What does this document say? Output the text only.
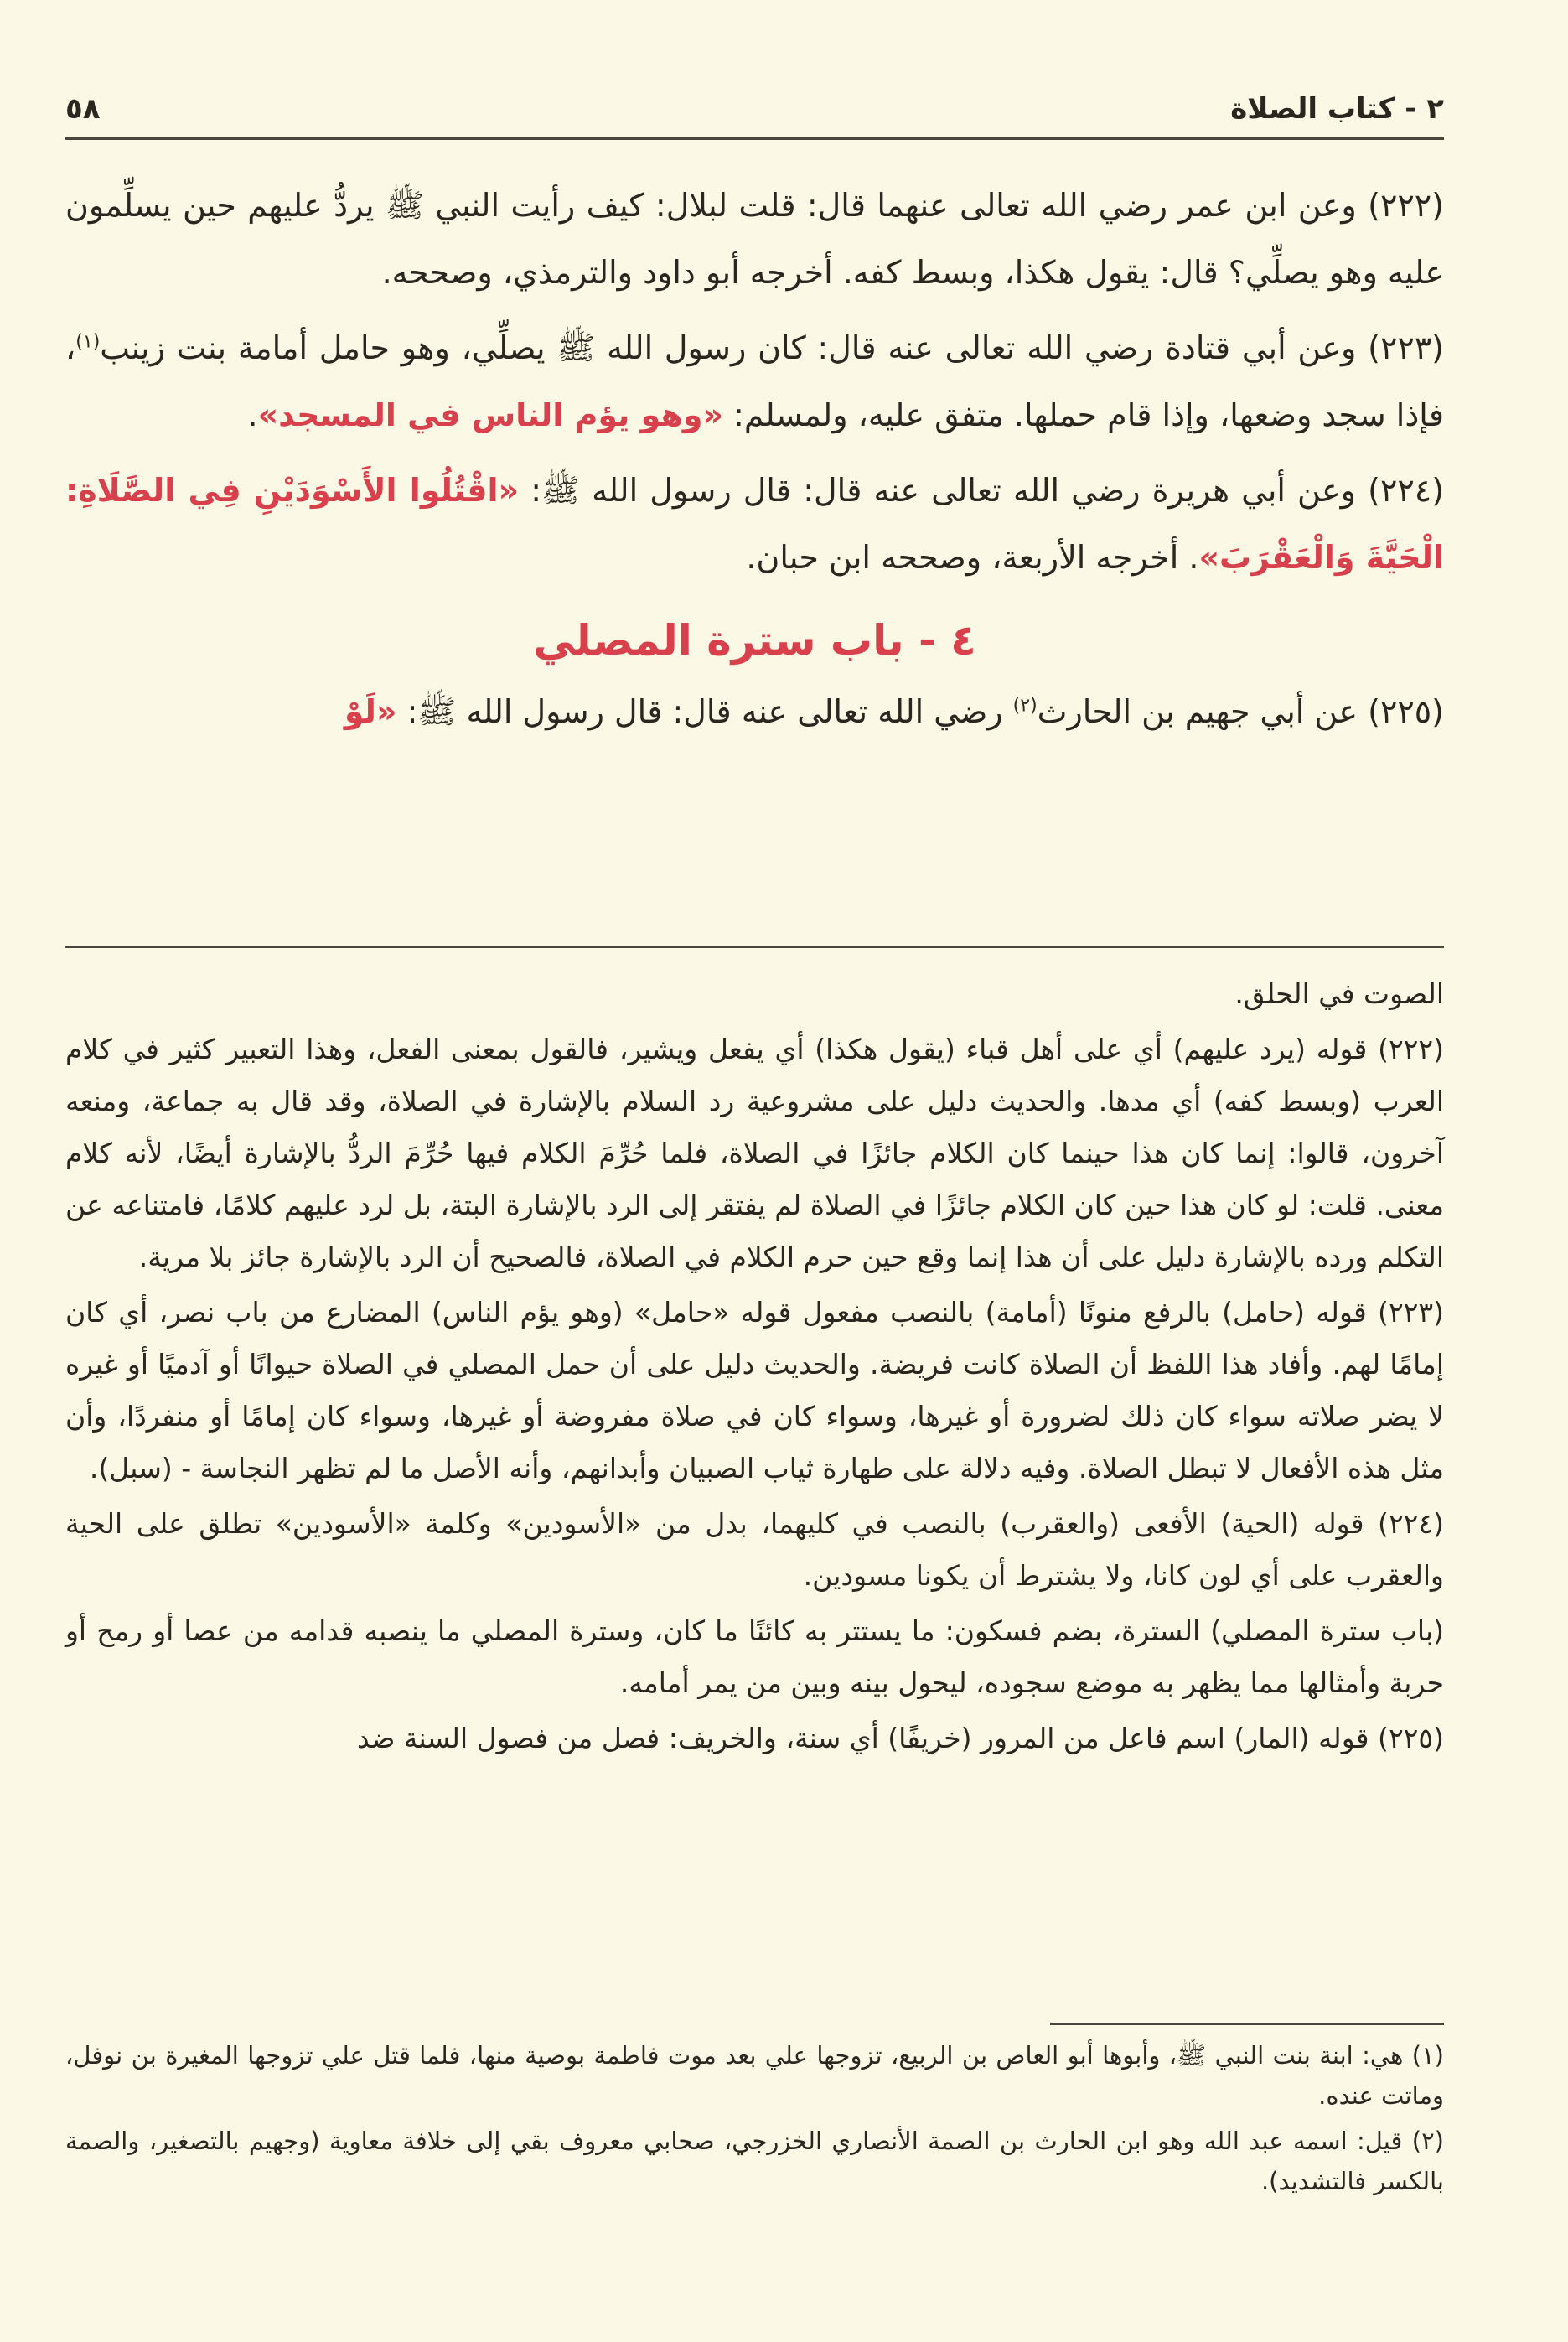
٢ - كتاب الصلاة
٥٨

(٢٢٢) وعن ابن عمر رضي الله تعالى عنهما قال: قلت لبلال: كيف رأيت النبي ﷺ يردُّ عليهم حين يسلِّمون عليه وهو يصلِّي؟ قال: يقول هكذا، وبسط كفه. أخرجه أبو داود والترمذي، وصححه.

(٢٢٣) وعن أبي قتادة رضي الله تعالى عنه قال: كان رسول الله ﷺ يصلِّي، وهو حامل أمامة بنت زينب$^{(١)}$، فإذا سجد وضعها، وإذا قام حملها. متفق عليه، ولمسلم: «وهو يؤم الناس في المسجد».

(٢٢٤) وعن أبي هريرة رضي الله تعالى عنه قال: قال رسول الله ﷺ: «اقْتُلُوا الأَسْوَدَيْنِ فِي الصَّلَاةِ: الْحَيَّةَ وَالْعَقْرَبَ». أخرجه الأربعة، وصححه ابن حبان.

٤ - باب سترة المصلي

(٢٢٥) عن أبي جهيم بن الحارث$^{(٢)}$ رضي الله تعالى عنه قال: قال رسول الله ﷺ: «لَوْ

الصوت في الحلق.

(٢٢٢) قوله (يرد عليهم) أي على أهل قباء (يقول هكذا) أي يفعل ويشير، فالقول بمعنى الفعل، وهذا التعبير كثير في كلام العرب (وبسط كفه) أي مدها. والحديث دليل على مشروعية رد السلام بالإشارة في الصلاة، وقد قال به جماعة، ومنعه آخرون، قالوا: إنما كان هذا حينما كان الكلام جائزًا في الصلاة، فلما حُرِّمَ الكلام فيها حُرِّمَ الردُّ بالإشارة أيضًا، لأنه كلام معنى. قلت: لو كان هذا حين كان الكلام جائزًا في الصلاة لم يفتقر إلى الرد بالإشارة البتة، بل لرد عليهم كلامًا، فامتناعه عن التكلم ورده بالإشارة دليل على أن هذا إنما وقع حين حرم الكلام في الصلاة، فالصحيح أن الرد بالإشارة جائز بلا مرية.

(٢٢٣) قوله (حامل) بالرفع منونًا (أمامة) بالنصب مفعول قوله «حامل» (وهو يؤم الناس) المضارع من باب نصر، أي كان إمامًا لهم. وأفاد هذا اللفظ أن الصلاة كانت فريضة. والحديث دليل على أن حمل المصلي في الصلاة حيوانًا أو آدميًا أو غيره لا يضر صلاته سواء كان ذلك لضرورة أو غيرها، وسواء كان في صلاة مفروضة أو غيرها، وسواء كان إمامًا أو منفردًا، وأن مثل هذه الأفعال لا تبطل الصلاة. وفيه دلالة على طهارة ثياب الصبيان وأبدانهم، وأنه الأصل ما لم تظهر النجاسة - (سبل).

(٢٢٤) قوله (الحية) الأفعى (والعقرب) بالنصب في كليهما، بدل من «الأسودين» وكلمة «الأسودين» تطلق على الحية والعقرب على أي لون كانا، ولا يشترط أن يكونا مسودين.

(باب سترة المصلي) السترة، بضم فسكون: ما يستتر به كائنًا ما كان، وسترة المصلي ما ينصبه قدامه من عصا أو رمح أو حربة وأمثالها مما يظهر به موضع سجوده، ليحول بينه وبين من يمر أمامه.

(٢٢٥) قوله (المار) اسم فاعل من المرور (خريفًا) أي سنة، والخريف: فصل من فصول السنة ضد

(١) هي: ابنة بنت النبي ﷺ، وأبوها أبو العاص بن الربيع، تزوجها علي بعد موت فاطمة بوصية منها، فلما قتل علي تزوجها المغيرة بن نوفل، وماتت عنده.

(٢) قيل: اسمه عبد الله وهو ابن الحارث بن الصمة الأنصاري الخزرجي، صحابي معروف بقي إلى خلافة معاوية (وجهيم بالتصغير، والصمة بالكسر فالتشديد).
